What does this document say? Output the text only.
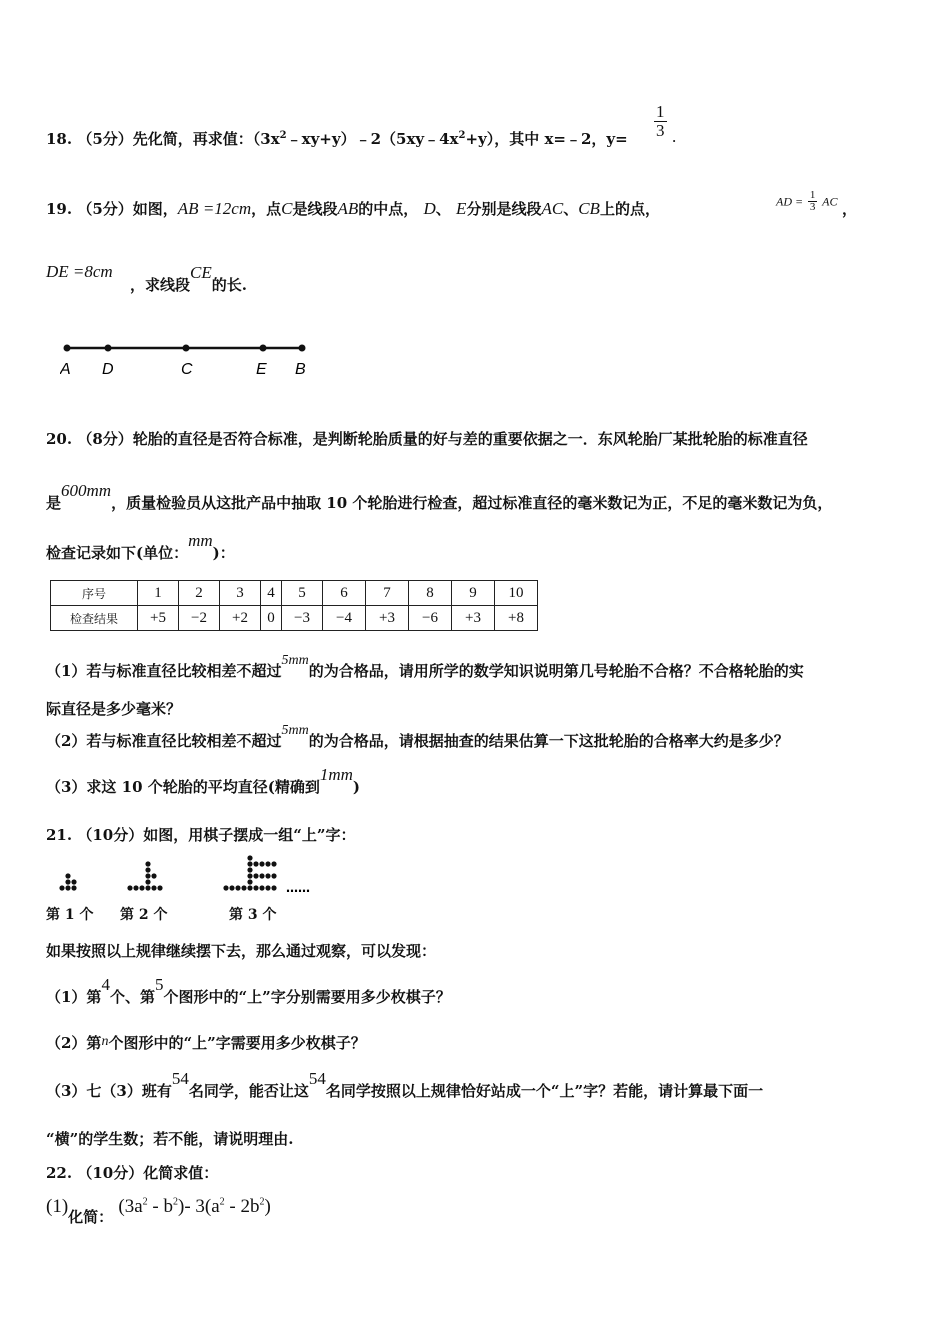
18. （5分）先化简，再求值：$(3x^2﹣xy+y)﹣2(5xy﹣4x^2+y)$，其中 x=﹣2，$y= \frac{1}{3}$ .
19. （5分）如图，AB =12cm，点C是线段AB的中点， D、 E分别是线段AC、CB上的点，	AD = $\frac{1}{3}$ AC ，
DE =8cm
，求线段CE的长.
A D	C	E B
20. （8分）轮胎的直径是否符合标准，是判断轮胎质量的好与差的重要依据之一．东风轮胎厂某批轮胎的标准直径
是600mm，质量检验员从这批产品中抽取 10 个轮胎进行检查，超过标准直径的毫米数记为正，不足的毫米数记为负，
检查记录如下(单位：mm)：
序号	1	2	3	4	5	6	7	8	9	10
检查结果	+5	−2	+2	0	−3	−4	+3	−6	+3	+8
（1）若与标准直径比较相差不超过5mm的为合格品，请用所学的数学知识说明第几号轮胎不合格？不合格轮胎的实
际直径是多少毫米？
（2）若与标准直径比较相差不超过5mm的为合格品，请根据抽查的结果估算一下这批轮胎的合格率大约是多少？
（3）求这 10 个轮胎的平均直径(精确到1mm)
21. （10分）如图，用棋子摆成一组“上”字：
……
第 1 个 第 2 个	第 3 个
如果按照以上规律继续摆下去，那么通过观察，可以发现：
（1）第4个、第5个图形中的“上”字分别需要用多少枚棋子？
（2）第n个图形中的“上”字需要用多少枚棋子？
（3）七（3）班有54名同学，能否让这54名同学按照以上规律恰好站成一个“上”字？若能，请计算最下面一
“横”的学生数；若不能，请说明理由.
22. （10分）化简求值：
(1)化简： $(3a^2 - b^2)-$ $3(a^2 - 2b^2)$
